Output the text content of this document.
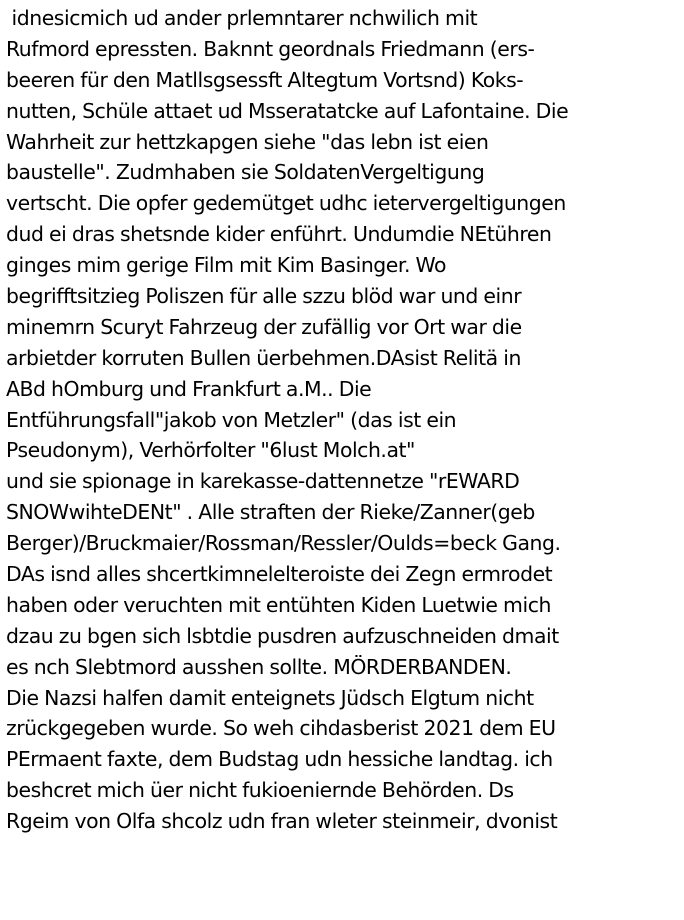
idnesicmich ud ander prlemntarer nchwilich mit
Rufmord epressten. Baknnt geordnals Friedmann (ers-
beeren für den Matllsgsessft Altegtum Vortsnd) Koks-
nutten, Schüle attaet ud Msseratatcke auf Lafontaine. Die
Wahrheit zur hettzkapgen siehe "das lebn ist eien
baustelle". Zudmhaben sie SoldatenVergeltigung
vertscht. Die opfer gedemütget udhc ietervergeltigungen
dud ei dras shetsnde kider enführt. Undumdie NEtühren
ginges mim gerige Film mit Kim Basinger. Wo
begrifftsitzieg Poliszen für alle szzu blöd war und einr
minemrn Scuryt Fahrzeug der zufällig vor Ort war die
arbietder korruten Bullen üerbehmen.DAsist Relitä in
ABd hOmburg und Frankfurt a.M.. Die
Entführungsfall"jakob von Metzler" (das ist ein
Pseudonym), Verhörfolter "6lust Molch.at"
und sie spionage in karekasse-dattennetze "rEWARD
SNOWwihteDENt" . Alle straften der Rieke/Zanner(geb
Berger)/Bruckmaier/Rossman/Ressler/Oulds=beck Gang.
DAs isnd alles shcertkimnelelteroiste dei Zegn ermrodet
haben oder veruchten mit entühten Kiden Luetwie mich
dzau zu bgen sich lsbtdie pusdren aufzuschneiden dmait
es nch Slebtmord ausshen sollte. MÖRDERBANDEN.
Die Nazsi halfen damit enteignets Jüdsch Elgtum nicht
zrückgegeben wurde. So weh cihdasberist 2021 dem EU
PErmaent faxte, dem Budstag udn hessiche landtag. ich
beshcret mich üer nicht fukioeniernde Behörden. Ds
Rgeim von Olfa shcolz udn fran wleter steinmeir, dvonist
